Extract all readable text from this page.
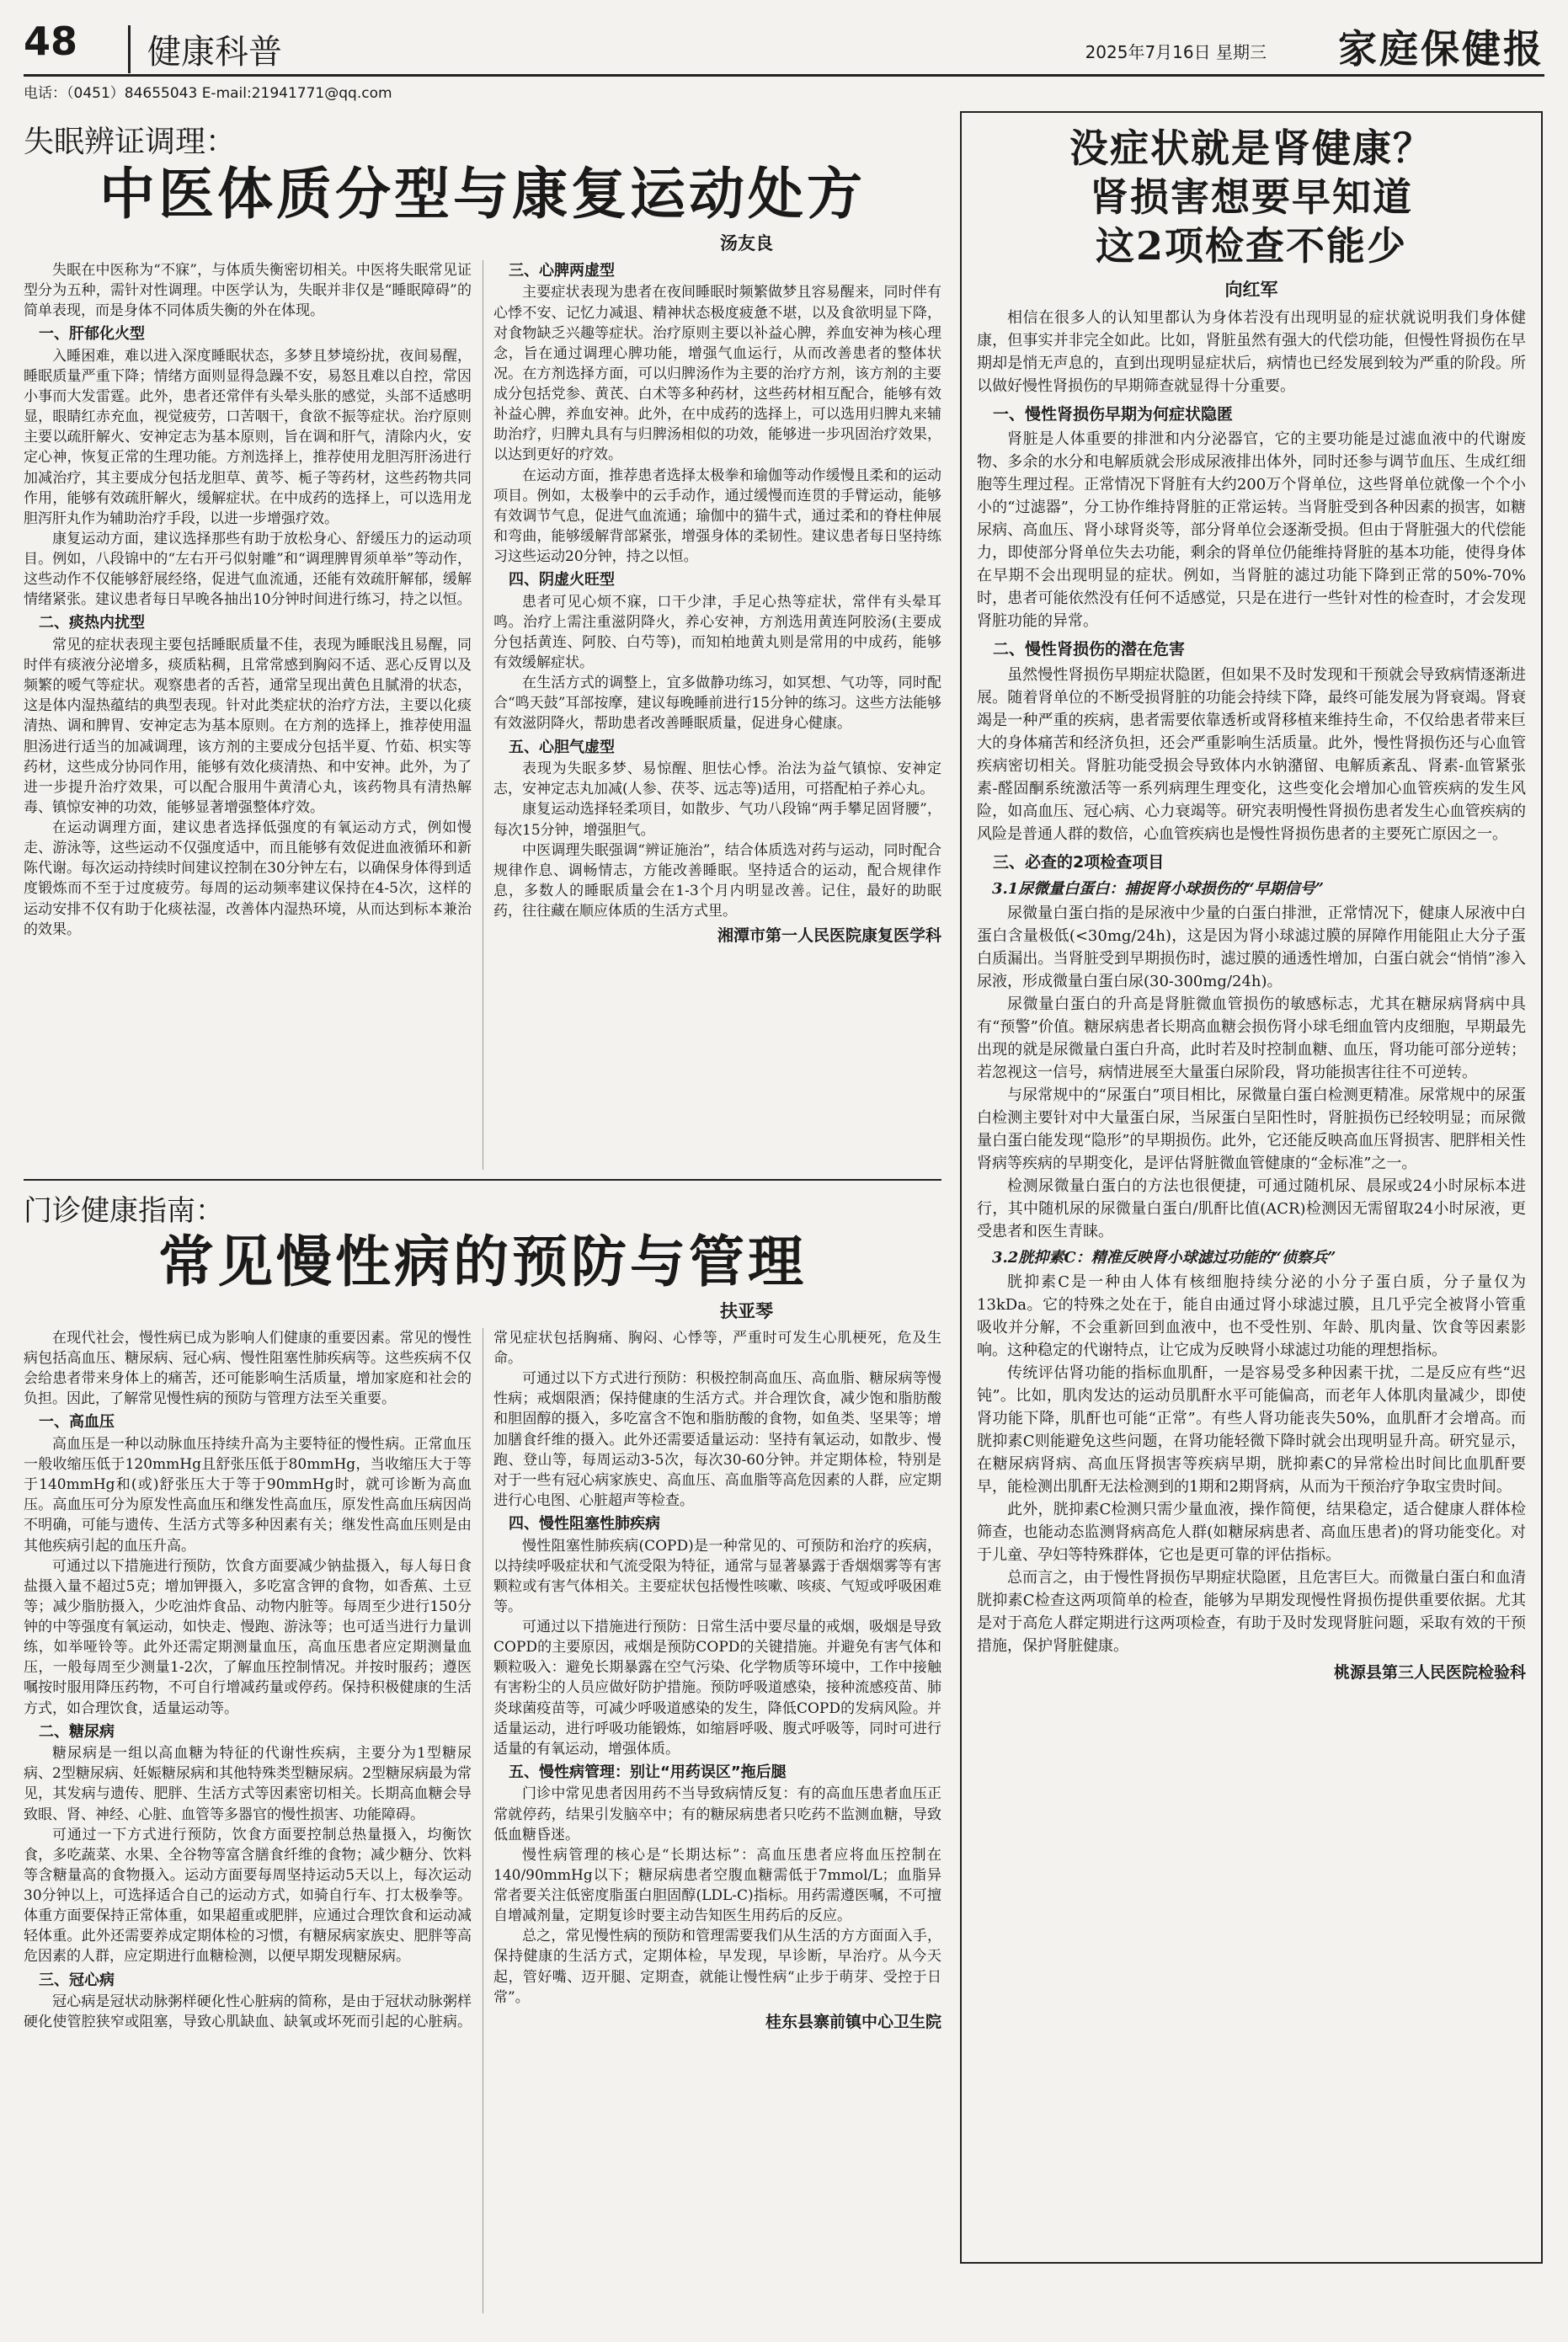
48	健康科普	2025年7月16日 星期三 家庭保健报
电话：（0451）84655043 E-mail:21941771@qq.com
失眠辨证调理：
中医体质分型与康复运动处方
汤友良

失眠在中医称为“不寐”，与体质失衡密切相关。中医将失眠常见证型分为五种，需针对性调理。中医学认为，失眠并非仅是“睡眠障碍”的简单表现，而是身体不同体质失衡的外在体现。

一、肝郁化火型

入睡困难，难以进入深度睡眠状态，多梦且梦境纷扰，夜间易醒，睡眠质量严重下降；情绪方面则显得急躁不安，易怒且难以自控，常因小事而大发雷霆。此外，患者还常伴有头晕头胀的感觉，头部不适感明显，眼睛红赤充血，视觉疲劳，口苦咽干，食欲不振等症状。治疗原则主要以疏肝解火、安神定志为基本原则，旨在调和肝气，清除内火，安定心神，恢复正常的生理功能。方剂选择上，推荐使用龙胆泻肝汤进行加减治疗，其主要成分包括龙胆草、黄芩、栀子等药材，这些药物共同作用，能够有效疏肝解火，缓解症状。在中成药的选择上，可以选用龙胆泻肝丸作为辅助治疗手段，以进一步增强疗效。

康复运动方面，建议选择那些有助于放松身心、舒缓压力的运动项目。例如，八段锦中的“左右开弓似射雕”和“调理脾胃须单举”等动作，这些动作不仅能够舒展经络，促进气血流通，还能有效疏肝解郁，缓解情绪紧张。建议患者每日早晚各抽出10分钟时间进行练习，持之以恒。

二、痰热内扰型

常见的症状表现主要包括睡眠质量不佳，表现为睡眠浅且易醒，同时伴有痰液分泌增多，痰质粘稠，且常常感到胸闷不适、恶心反胃以及频繁的嗳气等症状。观察患者的舌苔，通常呈现出黄色且腻滑的状态，这是体内湿热蕴结的典型表现。针对此类症状的治疗方法，主要以化痰清热、调和脾胃、安神定志为基本原则。在方剂的选择上，推荐使用温胆汤进行适当的加减调理，该方剂的主要成分包括半夏、竹茹、枳实等药材，这些成分协同作用，能够有效化痰清热、和中安神。此外，为了进一步提升治疗效果，可以配合服用牛黄清心丸，该药物具有清热解毒、镇惊安神的功效，能够显著增强整体疗效。

在运动调理方面，建议患者选择低强度的有氧运动方式，例如慢走、游泳等，这些运动不仅强度适中，而且能够有效促进血液循环和新陈代谢。每次运动持续时间建议控制在30分钟左右，以确保身体得到适度锻炼而不至于过度疲劳。每周的运动频率建议保持在4-5次，这样的运动安排不仅有助于化痰祛湿，改善体内湿热环境，从而达到标本兼治的效果。

三、心脾两虚型

主要症状表现为患者在夜间睡眠时频繁做梦且容易醒来，同时伴有心悸不安、记忆力减退、精神状态极度疲惫不堪，以及食欲明显下降，对食物缺乏兴趣等症状。治疗原则主要以补益心脾，养血安神为核心理念，旨在通过调理心脾功能，增强气血运行，从而改善患者的整体状况。在方剂选择方面，可以归脾汤作为主要的治疗方剂，该方剂的主要成分包括党参、黄芪、白术等多种药材，这些药材相互配合，能够有效补益心脾，养血安神。此外，在中成药的选择上，可以选用归脾丸来辅助治疗，归脾丸具有与归脾汤相似的功效，能够进一步巩固治疗效果，以达到更好的疗效。

在运动方面，推荐患者选择太极拳和瑜伽等动作缓慢且柔和的运动项目。例如，太极拳中的云手动作，通过缓慢而连贯的手臂运动，能够有效调节气息，促进气血流通；瑜伽中的猫牛式，通过柔和的脊柱伸展和弯曲，能够缓解背部紧张，增强身体的柔韧性。建议患者每日坚持练习这些运动20分钟，持之以恒。

四、阴虚火旺型

患者可见心烦不寐，口干少津，手足心热等症状，常伴有头晕耳鸣。治疗上需注重滋阴降火，养心安神，方剂选用黄连阿胶汤(主要成分包括黄连、阿胶、白芍等)，而知柏地黄丸则是常用的中成药，能够有效缓解症状。

在生活方式的调整上，宜多做静功练习，如冥想、气功等，同时配合“鸣天鼓”耳部按摩，建议每晚睡前进行15分钟的练习。这些方法能够有效滋阴降火，帮助患者改善睡眠质量，促进身心健康。

五、心胆气虚型

表现为失眠多梦、易惊醒、胆怯心悸。治法为益气镇惊、安神定志，安神定志丸加减(人参、茯苓、远志等)适用，可搭配柏子养心丸。

康复运动选择轻柔项目，如散步、气功八段锦“两手攀足固肾腰”，每次15分钟，增强胆气。

中医调理失眠强调“辨证施治”，结合体质选对药与运动，同时配合规律作息、调畅情志，方能改善睡眠。坚持适合的运动，配合规律作息，多数人的睡眠质量会在1-3个月内明显改善。记住，最好的助眠药，往往藏在顺应体质的生活方式里。

湘潭市第一人民医院康复医学科
门诊健康指南：
常见慢性病的预防与管理
扶亚琴

在现代社会，慢性病已成为影响人们健康的重要因素。常见的慢性病包括高血压、糖尿病、冠心病、慢性阻塞性肺疾病等。这些疾病不仅会给患者带来身体上的痛苦，还可能影响生活质量，增加家庭和社会的负担。因此，了解常见慢性病的预防与管理方法至关重要。

一、高血压

高血压是一种以动脉血压持续升高为主要特征的慢性病。正常血压一般收缩压低于120mmHg且舒张压低于80mmHg，当收缩压大于等于140mmHg和(或)舒张压大于等于90mmHg时，就可诊断为高血压。高血压可分为原发性高血压和继发性高血压，原发性高血压病因尚不明确，可能与遗传、生活方式等多种因素有关；继发性高血压则是由其他疾病引起的血压升高。

可通过以下措施进行预防，饮食方面要减少钠盐摄入，每人每日食盐摄入量不超过5克；增加钾摄入，多吃富含钾的食物，如香蕉、土豆等；减少脂肪摄入，少吃油炸食品、动物内脏等。每周至少进行150分钟的中等强度有氧运动，如快走、慢跑、游泳等；也可适当进行力量训练，如举哑铃等。此外还需定期测量血压，高血压患者应定期测量血压，一般每周至少测量1-2次，了解血压控制情况。并按时服药；遵医嘱按时服用降压药物，不可自行增减药量或停药。保持积极健康的生活方式，如合理饮食，适量运动等。

二、糖尿病

糖尿病是一组以高血糖为特征的代谢性疾病，主要分为1型糖尿病、2型糖尿病、妊娠糖尿病和其他特殊类型糖尿病。2型糖尿病最为常见，其发病与遗传、肥胖、生活方式等因素密切相关。长期高血糖会导致眼、肾、神经、心脏、血管等多器官的慢性损害、功能障碍。

可通过一下方式进行预防，饮食方面要控制总热量摄入，均衡饮食，多吃蔬菜、水果、全谷物等富含膳食纤维的食物；减少糖分、饮料等含糖量高的食物摄入。运动方面要每周坚持运动5天以上，每次运动30分钟以上，可选择适合自己的运动方式，如骑自行车、打太极拳等。体重方面要保持正常体重，如果超重或肥胖，应通过合理饮食和运动减轻体重。此外还需要养成定期体检的习惯，有糖尿病家族史、肥胖等高危因素的人群，应定期进行血糖检测，以便早期发现糖尿病。

三、冠心病

冠心病是冠状动脉粥样硬化性心脏病的简称，是由于冠状动脉粥样硬化使管腔狭窄或阻塞，导致心肌缺血、缺氧或坏死而引起的心脏病。常见症状包括胸痛、胸闷、心悸等，严重时可发生心肌梗死，危及生命。

可通过以下方式进行预防：积极控制高血压、高血脂、糖尿病等慢性病；戒烟限酒；保持健康的生活方式。并合理饮食，减少饱和脂肪酸和胆固醇的摄入，多吃富含不饱和脂肪酸的食物，如鱼类、坚果等；增加膳食纤维的摄入。此外还需要适量运动：坚持有氧运动，如散步、慢跑、登山等，每周运动3-5次，每次30-60分钟。并定期体检，特别是对于一些有冠心病家族史、高血压、高血脂等高危因素的人群，应定期进行心电图、心脏超声等检查。

四、慢性阻塞性肺疾病

慢性阻塞性肺疾病(COPD)是一种常见的、可预防和治疗的疾病，以持续呼吸症状和气流受限为特征，通常与显著暴露于香烟烟雾等有害颗粒或有害气体相关。主要症状包括慢性咳嗽、咳痰、气短或呼吸困难等。

可通过以下措施进行预防：日常生活中要尽量的戒烟，吸烟是导致COPD的主要原因，戒烟是预防COPD的关键措施。并避免有害气体和颗粒吸入：避免长期暴露在空气污染、化学物质等环境中，工作中接触有害粉尘的人员应做好防护措施。预防呼吸道感染，接种流感疫苗、肺炎球菌疫苗等，可减少呼吸道感染的发生，降低COPD的发病风险。并适量运动，进行呼吸功能锻炼，如缩唇呼吸、腹式呼吸等，同时可进行适量的有氧运动，增强体质。

五、慢性病管理：别让“用药误区”拖后腿

门诊中常见患者因用药不当导致病情反复：有的高血压患者血压正常就停药，结果引发脑卒中；有的糖尿病患者只吃药不监测血糖，导致低血糖昏迷。

慢性病管理的核心是“长期达标”：高血压患者应将血压控制在140/90mmHg以下；糖尿病患者空腹血糖需低于7mmol/L；血脂异常者要关注低密度脂蛋白胆固醇(LDL-C)指标。用药需遵医嘱，不可擅自增减剂量，定期复诊时要主动告知医生用药后的反应。

总之，常见慢性病的预防和管理需要我们从生活的方方面面入手，保持健康的生活方式，定期体检，早发现，早诊断，早治疗。从今天起，管好嘴、迈开腿、定期查，就能让慢性病“止步于萌芽、受控于日常”。

桂东县寨前镇中心卫生院
没症状就是肾健康？
肾损害想要早知道
这2项检查不能少
向红军

相信在很多人的认知里都认为身体若没有出现明显的症状就说明我们身体健康，但事实并非完全如此。比如，肾脏虽然有强大的代偿功能，但慢性肾损伤在早期却是悄无声息的，直到出现明显症状后，病情也已经发展到较为严重的阶段。所以做好慢性肾损伤的早期筛查就显得十分重要。

一、慢性肾损伤早期为何症状隐匿

肾脏是人体重要的排泄和内分泌器官，它的主要功能是过滤血液中的代谢废物、多余的水分和电解质就会形成尿液排出体外，同时还参与调节血压、生成红细胞等生理过程。正常情况下肾脏有大约200万个肾单位，这些肾单位就像一个个小小的“过滤器”，分工协作维持肾脏的正常运转。当肾脏受到各种因素的损害，如糖尿病、高血压、肾小球肾炎等，部分肾单位会逐渐受损。但由于肾脏强大的代偿能力，即使部分肾单位失去功能，剩余的肾单位仍能维持肾脏的基本功能，使得身体在早期不会出现明显的症状。例如，当肾脏的滤过功能下降到正常的50%-70%时，患者可能依然没有任何不适感觉，只是在进行一些针对性的检查时，才会发现肾脏功能的异常。

二、慢性肾损伤的潜在危害

虽然慢性肾损伤早期症状隐匿，但如果不及时发现和干预就会导致病情逐渐进展。随着肾单位的不断受损肾脏的功能会持续下降，最终可能发展为肾衰竭。肾衰竭是一种严重的疾病，患者需要依靠透析或肾移植来维持生命，不仅给患者带来巨大的身体痛苦和经济负担，还会严重影响生活质量。此外，慢性肾损伤还与心血管疾病密切相关。肾脏功能受损会导致体内水钠潴留、电解质紊乱、肾素-血管紧张素-醛固酮系统激活等一系列病理生理变化，这些变化会增加心血管疾病的发生风险，如高血压、冠心病、心力衰竭等。研究表明慢性肾损伤患者发生心血管疾病的风险是普通人群的数倍，心血管疾病也是慢性肾损伤患者的主要死亡原因之一。

三、必查的2项检查项目
3.1尿微量白蛋白：捕捉肾小球损伤的“早期信号”

尿微量白蛋白指的是尿液中少量的白蛋白排泄，正常情况下，健康人尿液中白蛋白含量极低(<30mg/24h)，这是因为肾小球滤过膜的屏障作用能阻止大分子蛋白质漏出。当肾脏受到早期损伤时，滤过膜的通透性增加，白蛋白就会“悄悄”渗入尿液，形成微量白蛋白尿(30-300mg/24h)。

尿微量白蛋白的升高是肾脏微血管损伤的敏感标志，尤其在糖尿病肾病中具有“预警”价值。糖尿病患者长期高血糖会损伤肾小球毛细血管内皮细胞，早期最先出现的就是尿微量白蛋白升高，此时若及时控制血糖、血压，肾功能可部分逆转；若忽视这一信号，病情进展至大量蛋白尿阶段，肾功能损害往往不可逆转。

与尿常规中的“尿蛋白”项目相比，尿微量白蛋白检测更精准。尿常规中的尿蛋白检测主要针对中大量蛋白尿，当尿蛋白呈阳性时，肾脏损伤已经较明显；而尿微量白蛋白能发现“隐形”的早期损伤。此外，它还能反映高血压肾损害、肥胖相关性肾病等疾病的早期变化，是评估肾脏微血管健康的“金标准”之一。

检测尿微量白蛋白的方法也很便捷，可通过随机尿、晨尿或24小时尿标本进行，其中随机尿的尿微量白蛋白/肌酐比值(ACR)检测因无需留取24小时尿液，更受患者和医生青睐。

3.2胱抑素C：精准反映肾小球滤过功能的“侦察兵”

胱抑素C是一种由人体有核细胞持续分泌的小分子蛋白质，分子量仅为13kDa。它的特殊之处在于，能自由通过肾小球滤过膜，且几乎完全被肾小管重吸收并分解，不会重新回到血液中，也不受性别、年龄、肌肉量、饮食等因素影响。这种稳定的代谢特点，让它成为反映肾小球滤过功能的理想指标。

传统评估肾功能的指标血肌酐，一是容易受多种因素干扰，二是反应有些“迟钝”。比如，肌肉发达的运动员肌酐水平可能偏高，而老年人体肌肉量减少，即使肾功能下降，肌酐也可能“正常”。有些人肾功能丧失50%，血肌酐才会增高。而胱抑素C则能避免这些问题，在肾功能轻微下降时就会出现明显升高。研究显示，在糖尿病肾病、高血压肾损害等疾病早期，胱抑素C的异常检出时间比血肌酐要早，能检测出肌酐无法检测到的1期和2期肾病，从而为干预治疗争取宝贵时间。

此外，胱抑素C检测只需少量血液，操作简便，结果稳定，适合健康人群体检筛查，也能动态监测肾病高危人群(如糖尿病患者、高血压患者)的肾功能变化。对于儿童、孕妇等特殊群体，它也是更可靠的评估指标。

总而言之，由于慢性肾损伤早期症状隐匿，且危害巨大。而微量白蛋白和血清胱抑素C检查这两项简单的检查，能够为早期发现慢性肾损伤提供重要依据。尤其是对于高危人群定期进行这两项检查，有助于及时发现肾脏问题，采取有效的干预措施，保护肾脏健康。

桃源县第三人民医院检验科
